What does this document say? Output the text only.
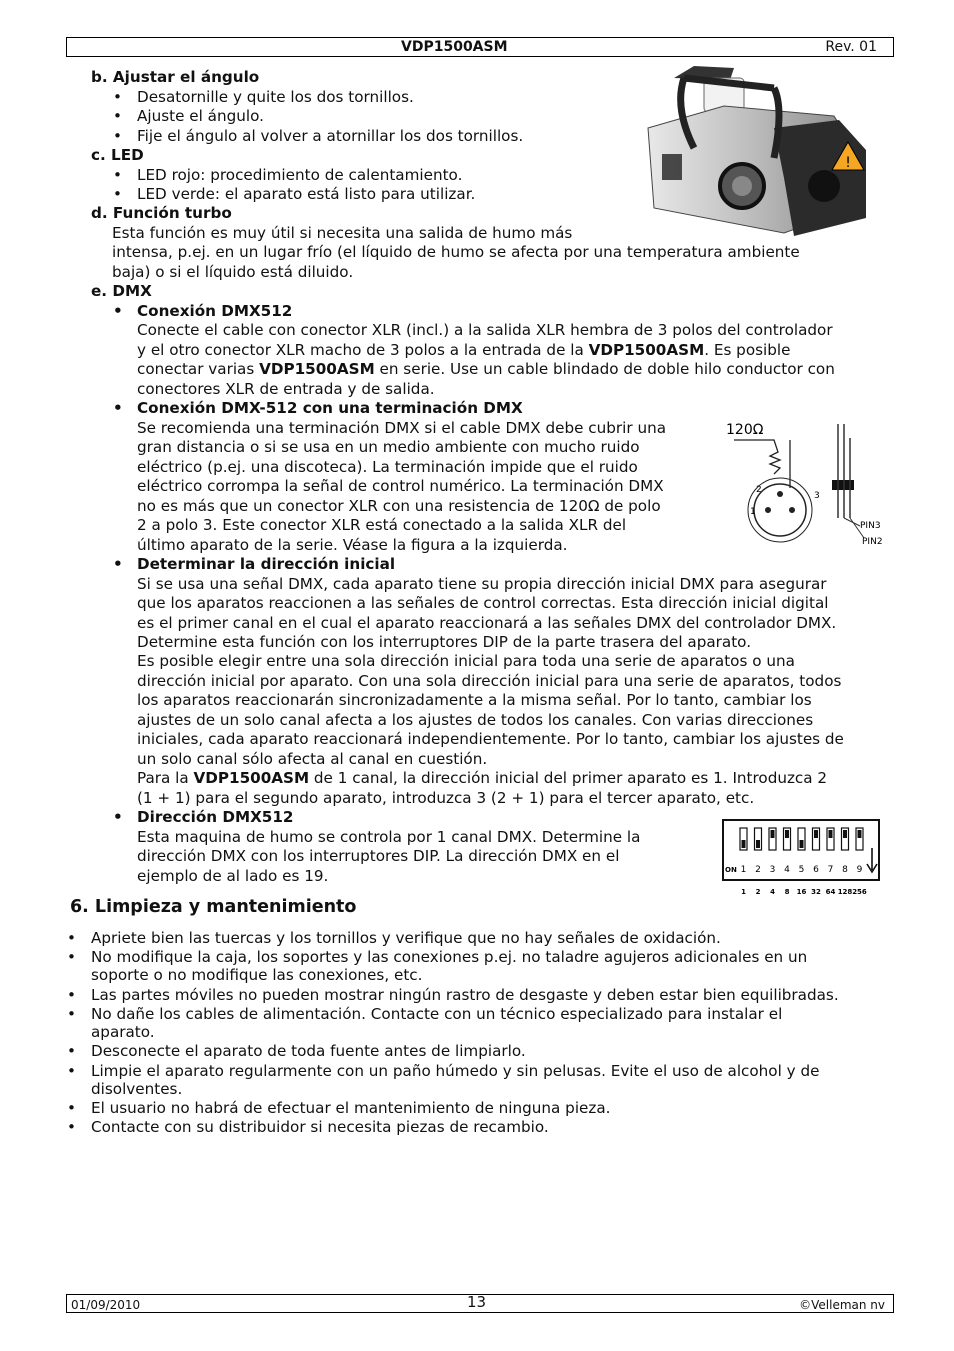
VDP1500ASM	Rev. 01
!
b. Ajustar el ángulo
• Desatornille y quite los dos tornillos.
• Ajuste el ángulo.
• Fije el ángulo al volver a atornillar los dos tornillos.
c. LED
• LED rojo: procedimiento de calentamiento.
• LED verde: el aparato está listo para utilizar.
d. Función turbo
Esta función es muy útil si necesita una salida de humo más
intensa, p.ej. en un lugar frío (el líquido de humo se afecta por una temperatura ambiente
baja) o si el líquido está diluido.
e. DMX
• Conexión DMX512
Conecte el cable con conector XLR (incl.) a la salida XLR hembra de 3 polos del controlador
y el otro conector XLR macho de 3 polos a la entrada de la VDP1500ASM. Es posible
conectar varias VDP1500ASM en serie. Use un cable blindado de doble hilo conductor con
conectores XLR de entrada y de salida.
• Conexión DMX-512 con una terminación DMX
Se recomienda una terminación DMX si el cable DMX debe cubrir una
gran distancia o si se usa en un medio ambiente con mucho ruido
eléctrico (p.ej. una discoteca). La terminación impide que el ruido
eléctrico corrompa la señal de control numérico. La terminación DMX
no es más que un conector XLR con una resistencia de 120Ω de polo
2 a polo 3. Este conector XLR está conectado a la salida XLR del
último aparato de la serie. Véase la figura a la izquierda.
120Ω
2
1
3
PIN3
PIN2
• Determinar la dirección inicial
Si se usa una señal DMX, cada aparato tiene su propia dirección inicial DMX para asegurar
que los aparatos reaccionen a las señales de control correctas. Esta dirección inicial digital
es el primer canal en el cual el aparato reaccionará a las señales DMX del controlador DMX.
Determine esta función con los interruptores DIP de la parte trasera del aparato.
Es posible elegir entre una sola dirección inicial para toda una serie de aparatos o una
dirección inicial por aparato. Con una sola dirección inicial para una serie de aparatos, todos
los aparatos reaccionarán sincronizadamente a la misma señal. Por lo tanto, cambiar los
ajustes de un solo canal afecta a los ajustes de todos los canales. Con varias direcciones
iniciales, cada aparato reaccionará independientemente. Por lo tanto, cambiar los ajustes de
un solo canal sólo afecta al canal en cuestión.
Para la VDP1500ASM de 1 canal, la dirección inicial del primer aparato es 1. Introduzca 2
(1 + 1) para el segundo aparato, introduzca 3 (2 + 1) para el tercer aparato, etc.
• Dirección DMX512
Esta maquina de humo se controla por 1 canal DMX. Determine la
dirección DMX con los interruptores DIP. La dirección DMX en el
ejemplo de al lado es 19.	ON 1 2 3 4 5 6 7 8 9
1 2 4 8 16 32 64 128 256
6. Limpieza y mantenimiento
• Apriete bien las tuercas y los tornillos y verifique que no hay señales de oxidación.
• No modifique la caja, los soportes y las conexiones p.ej. no taladre agujeros adicionales en un
soporte o no modifique las conexiones, etc.
• Las partes móviles no pueden mostrar ningún rastro de desgaste y deben estar bien equilibradas.
• No dañe los cables de alimentación. Contacte con un técnico especializado para instalar el
aparato.
• Desconecte el aparato de toda fuente antes de limpiarlo.
• Limpie el aparato regularmente con un paño húmedo y sin pelusas. Evite el uso de alcohol y de
disolventes.
• El usuario no habrá de efectuar el mantenimiento de ninguna pieza.
• Contacte con su distribuidor si necesita piezas de recambio.
01/09/2010	13	©Velleman nv
